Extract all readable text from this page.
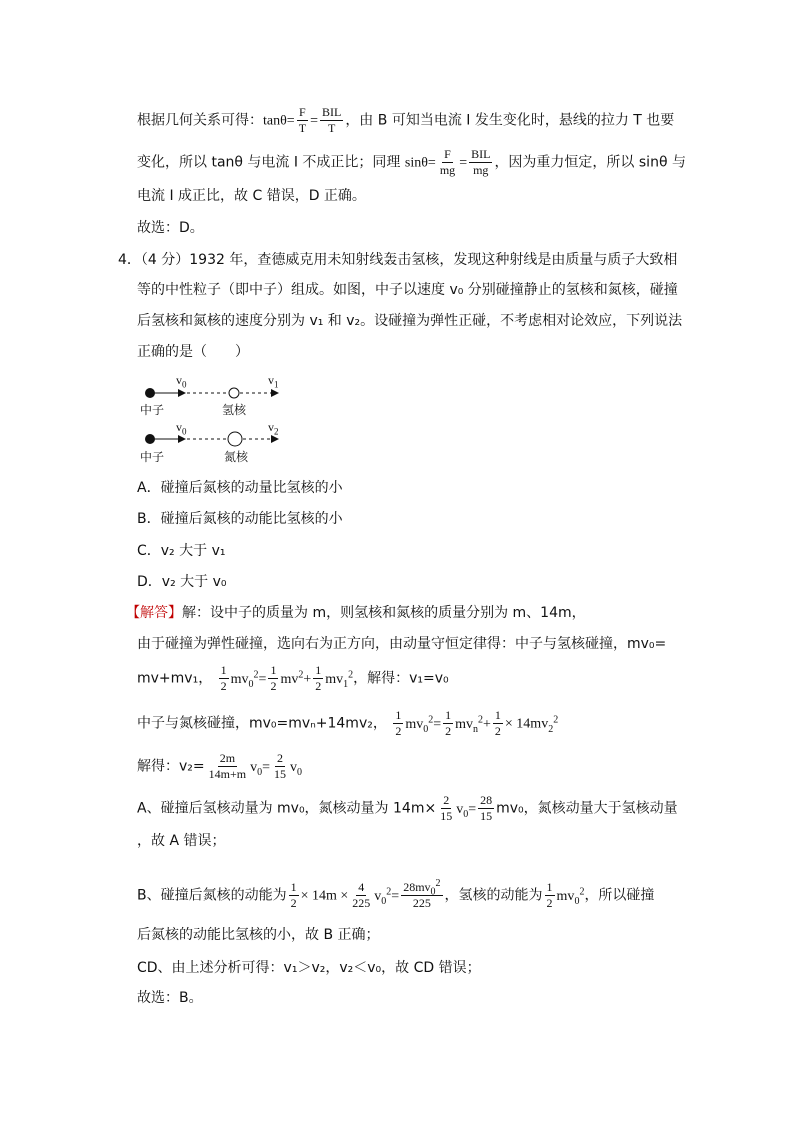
根据几何关系可得：$\tan\theta= \frac{F}{T} = \frac{\text{BIL}}{T}$ ，由 B 可知当电流 I 发生变化时，悬线的拉力 T 也要
变化，所以 tanθ 与电流 I 不成正比；同理 $\sin\theta= \frac{F}{mg} = \frac{\text{BIL}}{mg}$ ，因为重力恒定，所以 sinθ 与
电流 I 成正比，故 C 错误，D 正确。
故选：D。
4．（4 分）1932 年，查德威克用未知射线轰击氢核，发现这种射线是由质量与质子大致相
等的中性粒子（即中子）组成。如图，中子以速度 v₀ 分别碰撞静止的氢核和氮核，碰撞
后氢核和氮核的速度分别为 v₁ 和 v₂。设碰撞为弹性正碰，不考虑相对论效应，下列说法
正确的是（　　）
$v_0$	$v_1$
中子	氢核
$v_0$	$v_2$
中子	氮核
A．碰撞后氮核的动量比氢核的小
B．碰撞后氮核的动能比氢核的小
C．v₂ 大于 v₁
D．v₂ 大于 v₀
【解答】解：设中子的质量为 m，则氢核和氮核的质量分别为 m、14m，
由于碰撞为弹性碰撞，选向右为正方向，由动量守恒定律得：中子与氢核碰撞，mv₀=
mv+mv₁， $\frac{1}{2} mv_0^2= \frac{1}{2} mv^2+ \frac{1}{2} mv_1^2$，解得：v₁=v₀
中子与氮核碰撞，mv₀=mvₙ+14mv₂， $\frac{1}{2} mv_0^2= \frac{1}{2} mv_n^2+ \frac{1}{2} \times 14mv_2^2$
解得：$v_2= \frac{2m}{14m+m} v_0= \frac{2}{15} v_0$
A、碰撞后氢核动量为 mv₀，氮核动量为 $14m\times \frac{2}{15} v_0= \frac{28}{15} mv_0$，氮核动量大于氢核动量
，故 A 错误；
B、碰撞后氮核的动能为 $\frac{1}{2} \times 14m \times \frac{4}{225} v_0^2= \frac{28mv_0^2}{225}$ ，氢核的动能为 $\frac{1}{2} mv_0^2$，所以碰撞
后氮核的动能比氢核的小，故 B 正确；
CD、由上述分析可得：v₁＞v₂，v₂＜v₀，故 CD 错误；
故选：B。
